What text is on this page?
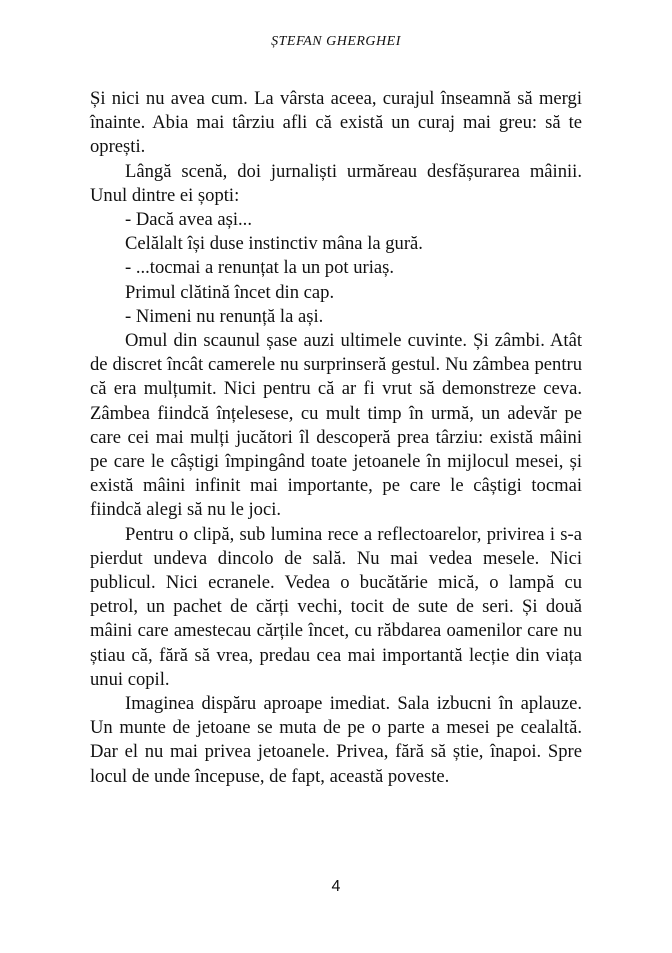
ȘTEFAN GHERGHEI

Și nici nu avea cum. La vârsta aceea, curajul înseamnă să mergi înainte. Abia mai târziu afli că există un curaj mai greu: să te oprești.

Lângă scenă, doi jurnaliști urmăreau desfășurarea mâinii. Unul dintre ei șopti:

- Dacă avea ași...

Celălalt își duse instinctiv mâna la gură.

- ...tocmai a renunțat la un pot uriaș.

Primul clătină încet din cap.

- Nimeni nu renunță la ași.

Omul din scaunul șase auzi ultimele cuvinte. Și zâmbi. Atât de discret încât camerele nu surprinseră gestul. Nu zâmbea pentru că era mulțumit. Nici pentru că ar fi vrut să demonstreze ceva. Zâmbea fiindcă înțelesese, cu mult timp în urmă, un adevăr pe care cei mai mulți jucători îl descoperă prea târziu: există mâini pe care le câștigi împingând toate jetoanele în mijlocul mesei, și există mâini infinit mai importante, pe care le câștigi tocmai fiindcă alegi să nu le joci.

Pentru o clipă, sub lumina rece a reflectoarelor, privirea i s-a pierdut undeva dincolo de sală. Nu mai vedea mesele. Nici publicul. Nici ecranele. Vedea o bucătărie mică, o lampă cu petrol, un pachet de cărți vechi, tocit de sute de seri. Și două mâini care amestecau cărțile încet, cu răbdarea oamenilor care nu știau că, fără să vrea, predau cea mai importantă lecție din viața unui copil.

Imaginea dispăru aproape imediat. Sala izbucni în aplauze. Un munte de jetoane se muta de pe o parte a mesei pe cealaltă. Dar el nu mai privea jetoanele. Privea, fără să știe, înapoi. Spre locul de unde începuse, de fapt, această poveste.

4
